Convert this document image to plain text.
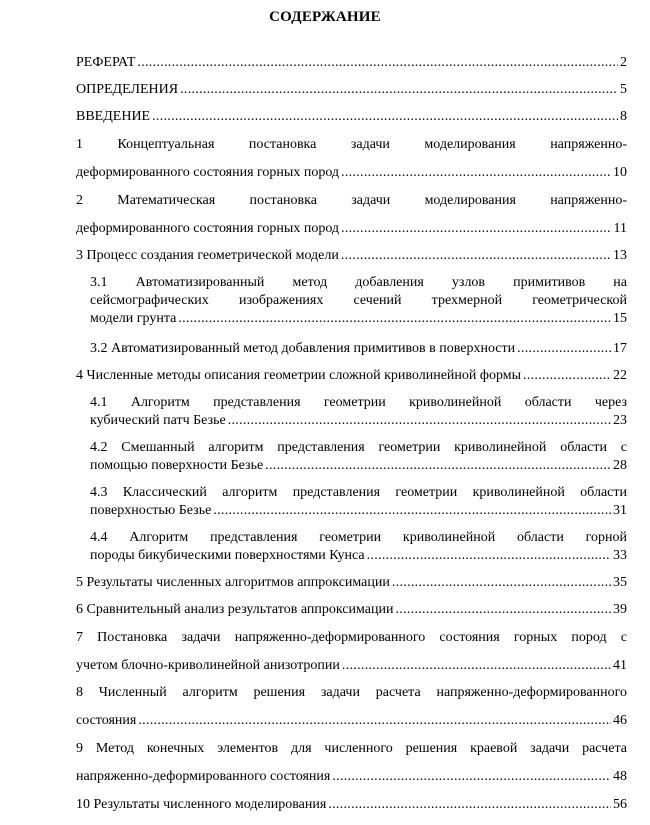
СОДЕРЖАНИЕ
РЕФЕРАТ . . .	2
ОПРЕДЕЛЕНИЯ . . .	5
ВВЕДЕНИЕ . . .	8
1 Концептуальная постановка задачи моделирования напряженно-
деформированного состояния горных пород . . .	10
2 Математическая постановка задачи моделирования напряженно-
деформированного состояния горных пород . . .	11
3 Процесс создания геометрической модели . . .	13
3.1 Автоматизированный метод добавления узлов примитивов на
сейсмографических изображениях сечений трехмерной геометрической
модели грунта . . .	15
3.2 Автоматизированный метод добавления примитивов в поверхности . . .	17
4 Численные методы описания геометрии сложной криволинейной формы . . .	22
4.1 Алгоритм представления геометрии криволинейной области через
кубический патч Безье . . .	23
4.2 Смешанный алгоритм представления геометрии криволинейной области с
помощью поверхности Безье . . .	28
4.3 Классический алгоритм представления геометрии криволинейной области
поверхностью Безье . . .	31
4.4 Алгоритм представления геометрии криволинейной области горной
породы бикубическими поверхностями Кунса . . .	33
5 Результаты численных алгоритмов аппроксимации . . .	35
6 Сравнительный анализ результатов аппроксимации . . .	39
7 Постановка задачи напряженно-деформированного состояния горных пород с
учетом блочно-криволинейной анизотропии . . .	41
8 Численный алгоритм решения задачи расчета напряженно-деформированного
состояния . . .	46
9 Метод конечных элементов для численного решения краевой задачи расчета
напряженно-деформированного состояния . . .	48
10 Результаты численного моделирования . . .	56
